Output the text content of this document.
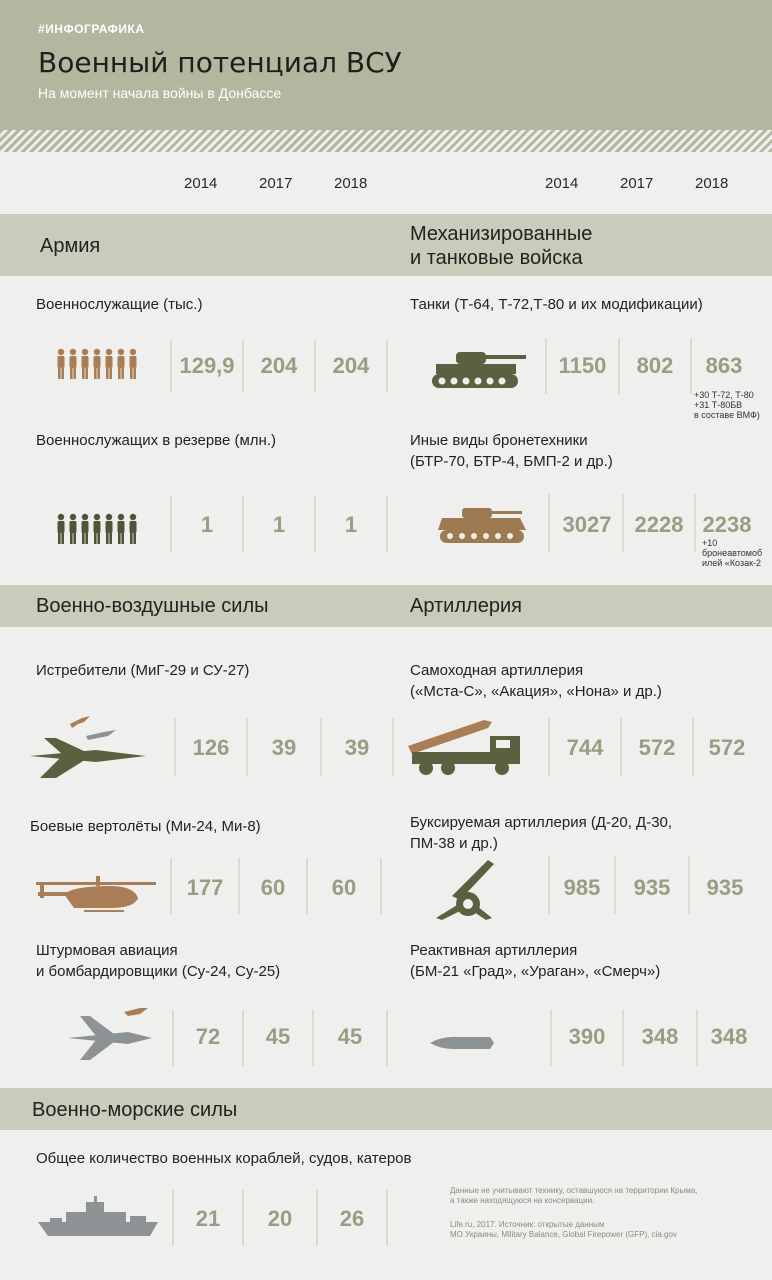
#ИНФОГРАФИКА
Военный потенциал ВСУ
На момент начала войны в Донбассе
2014	2017	2018	2014	2017	2018
Армия
Механизированные
и танковые войска
Военнослужащие (тыс.)
129,9	204	204
Танки (Т-64, Т-72,Т-80 и их модификации)
1150	802	863
+30 Т-72, Т-80
+31 Т-80БВ
в составе ВМФ)
Военнослужащих в резерве (млн.)
1	1	1
Иные виды бронетехники
(БТР-70, БТР-4, БМП-2 и др.)
3027	2228 2238
+10
бронеавтомоб
илей «Козак-2
Военно-воздушные силы	Артиллерия
Истребители (МиГ-29 и СУ-27)
126	39	39
Самоходная артиллерия
(«Мста-С», «Акация», «Нона» и др.)
744	572	572
Боевые вертолёты (Ми-24, Ми-8)
177	60	60
Буксируемая артиллерия (Д-20, Д-30,
ПМ-38 и др.)
985	935	935
Штурмовая авиация
и бомбардировщики (Су-24, Су-25)
72	45	45
Реактивная артиллерия
(БМ-21 «Град», «Ураган», «Смерч»)
390	348	348
Военно-морские силы
Общее количество военных кораблей, судов, катеров
21	20	26
Данные не учитывают технику, оставшуюся на территории Крыма,
а также находящуюся на консервации.
Life.ru, 2017. Источник: открытые данным
МО Украины, Military Balance, Global Firepower (GFP), cia.gov
